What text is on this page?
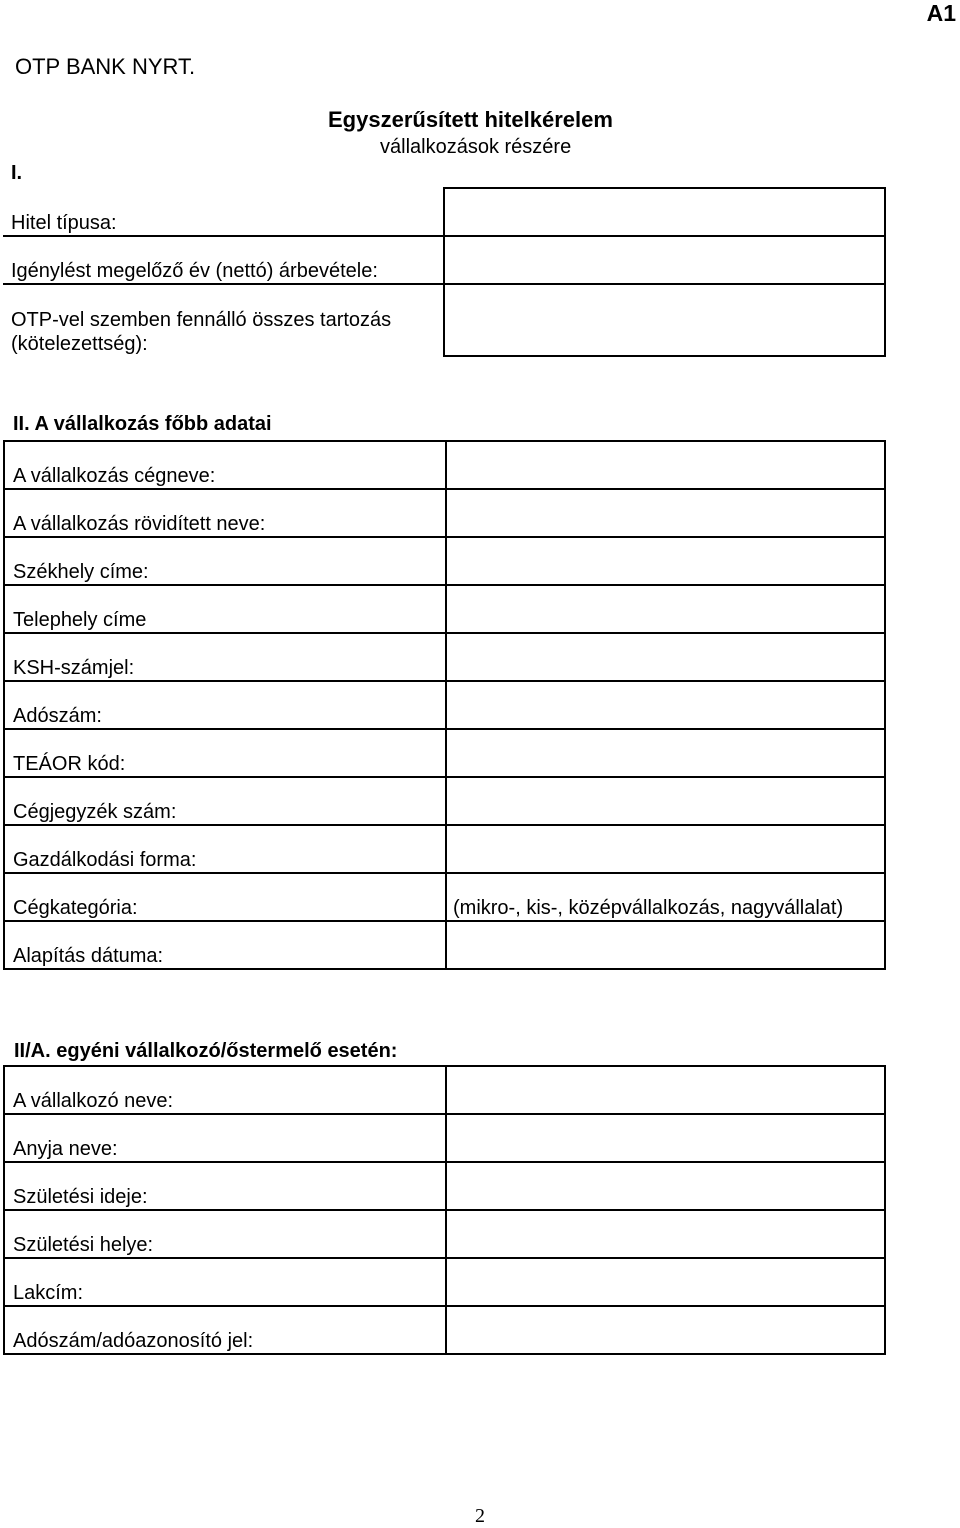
A1
OTP BANK NYRT.
Egyszerűsített hitelkérelem
vállalkozások részére
I.
Hitel típusa:	
Igénylést megelőző év (nettó) árbevétele:	
OTP-vel szemben fennálló összes tartozás (kötelezettség):	
II. A vállalkozás főbb adatai
A vállalkozás cégneve:	
A vállalkozás rövidített neve:	
Székhely címe:	
Telephely címe	
KSH-számjel:	
Adószám:	
TEÁOR kód:	
Cégjegyzék szám:	
Gazdálkodási forma:	
Cégkategória:	(mikro-, kis-, középvállalkozás, nagyvállalat)
Alapítás dátuma:	
II/A. egyéni vállalkozó/őstermelő esetén:
A vállalkozó neve:	
Anyja neve:	
Születési ideje:	
Születési helye:	
Lakcím:	
Adószám/adóazonosító jel:	
2
